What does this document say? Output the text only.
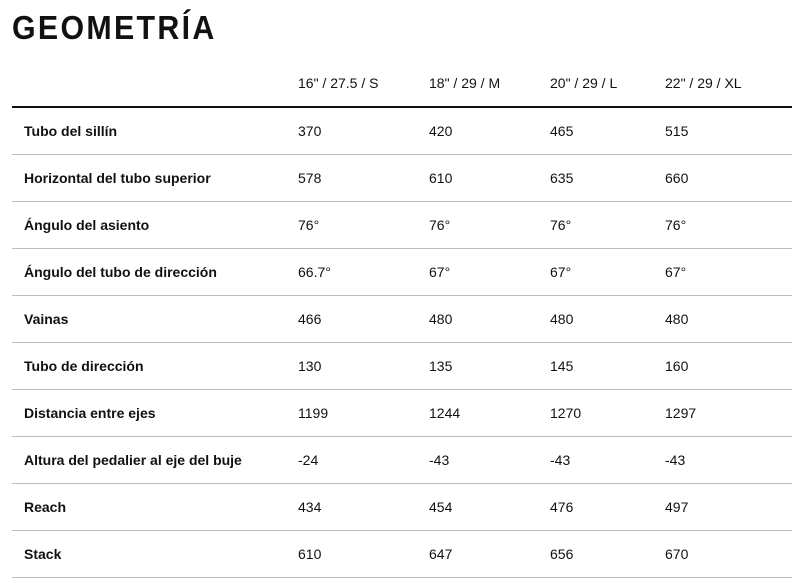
GEOMETRÍA
	16" / 27.5 / S	18" / 29 / M	20" / 29 / L	22" / 29 / XL
Tubo del sillín	370	420	465	515
Horizontal del tubo superior	578	610	635	660
Ángulo del asiento	76°	76°	76°	76°
Ángulo del tubo de dirección	66.7°	67°	67°	67°
Vainas	466	480	480	480
Tubo de dirección	130	135	145	160
Distancia entre ejes	1199	1244	1270	1297
Altura del pedalier al eje del buje	-24	-43	-43	-43
Reach	434	454	476	497
Stack	610	647	656	670
